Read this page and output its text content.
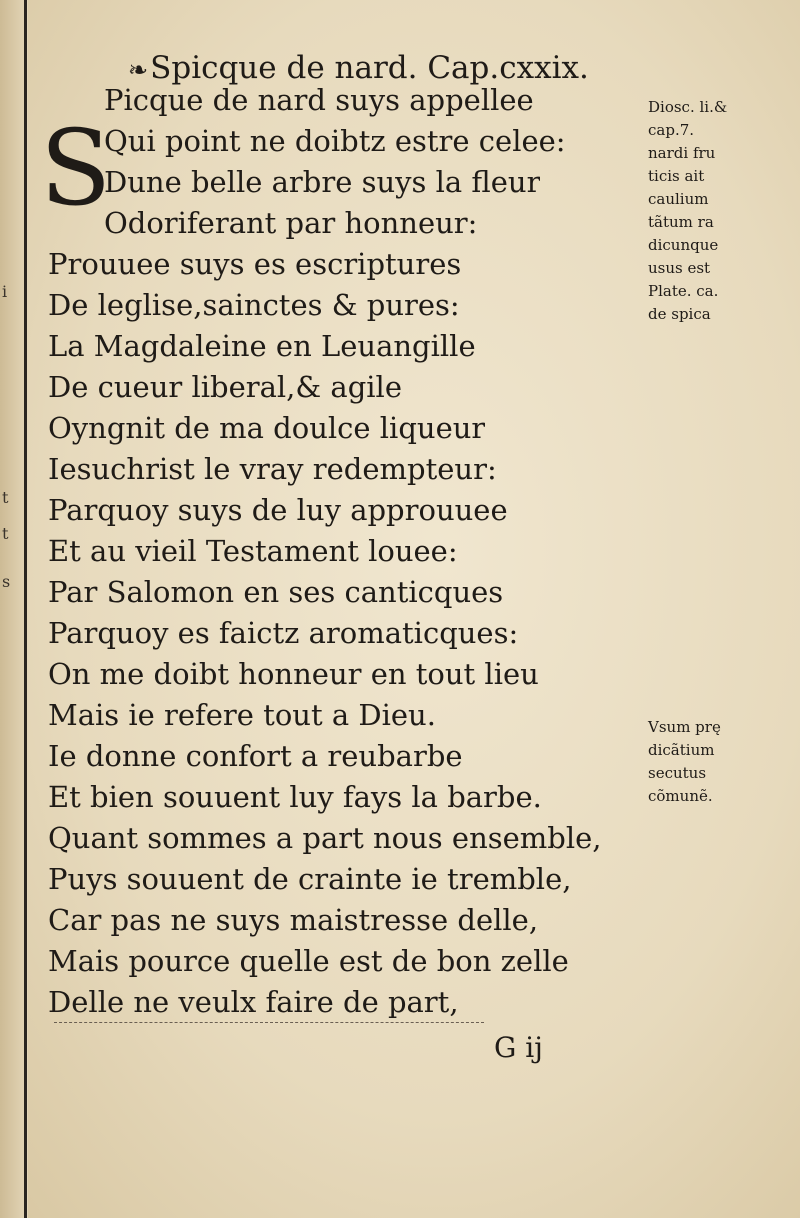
i
t
t
s
❧Spicque de nard. Cap.cxxix.
S
Picque de nard suys appellee
Qui point ne doibtz estre celee:
Dune belle arbre suys la fleur
Odoriferant par honneur:
Prouuee suys es escriptures
De leglise,sainctes & pures:
La Magdaleine en Leuangille
De cueur liberal,& agile
Oyngnit de ma doulce liqueur
Iesuchrist le vray redempteur:
Parquoy suys de luy approuuee
Et au vieil Testament louee:
Par Salomon en ses canticques
Parquoy es faictz aromaticques:
On me doibt honneur en tout lieu
Mais ie refere tout a Dieu.
Ie donne confort a reubarbe
Et bien souuent luy fays la barbe.
Quant sommes a part nous ensemble,
Puys souuent de crainte ie tremble,
Car pas ne suys maistresse delle,
Mais pource quelle est de bon zelle
Delle ne veulx faire de part,
Diosc. li.&
cap.7.
nardi fru
ticis ait
caulium
tãtum ra
dicunque
usus est
Plate. ca.
de spica
Vsum prę
dicãtium
secutus
cõmunẽ.
G ij
